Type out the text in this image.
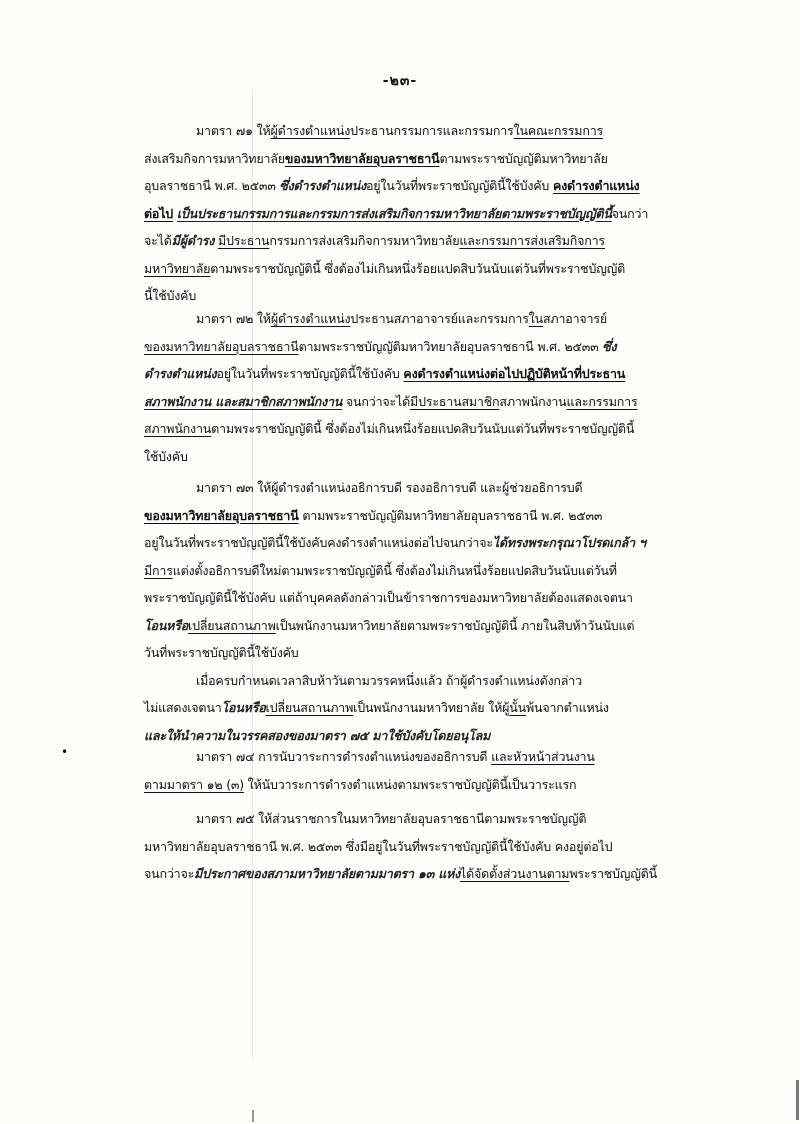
-๒๓-
มาตรา ๗๑ ให้ผู้ดำรงตำแหน่งประธานกรรมการและกรรมการในคณะกรรมการ
ส่งเสริมกิจการมหาวิทยาลัยของมหาวิทยาลัยอุบลราชธานีตามพระราชบัญญัติมหาวิทยาลัย
อุบลราชธานี พ.ศ. ๒๕๓๓ ซึ่งดำรงตำแหน่งอยู่ในวันที่พระราชบัญญัตินี้ใช้บังคับ คงดำรงตำแหน่ง
ต่อไป เป็นประธานกรรมการและกรรมการส่งเสริมกิจการมหาวิทยาลัยตามพระราชบัญญัตินี้จนกว่า
จะได้มีผู้ดำรง มีประธานกรรมการส่งเสริมกิจการมหาวิทยาลัยและกรรมการส่งเสริมกิจการ
มหาวิทยาลัยตามพระราชบัญญัตินี้ ซึ่งต้องไม่เกินหนึ่งร้อยแปดสิบวันนับแต่วันที่พระราชบัญญัติ
นี้ใช้บังคับ
มาตรา ๗๒ ให้ผู้ดำรงตำแหน่งประธานสภาอาจารย์และกรรมการในสภาอาจารย์
ของมหาวิทยาลัยอุบลราชธานีตามพระราชบัญญัติมหาวิทยาลัยอุบลราชธานี พ.ศ. ๒๕๓๓ ซึ่ง
ดำรงตำแหน่งอยู่ในวันที่พระราชบัญญัตินี้ใช้บังคับ คงดำรงตำแหน่งต่อไปปฏิบัติหน้าที่ประธาน
สภาพนักงาน และสมาชิกสภาพนักงาน จนกว่าจะได้มีประธานสมาชิกสภาพนักงานและกรรมการ
สภาพนักงานตามพระราชบัญญัตินี้ ซึ่งต้องไม่เกินหนึ่งร้อยแปดสิบวันนับแต่วันที่พระราชบัญญัตินี้
ใช้บังคับ
มาตรา ๗๓ ให้ผู้ดำรงตำแหน่งอธิการบดี รองอธิการบดี และผู้ช่วยอธิการบดี
ของมหาวิทยาลัยอุบลราชธานี ตามพระราชบัญญัติมหาวิทยาลัยอุบลราชธานี พ.ศ. ๒๕๓๓
อยู่ในวันที่พระราชบัญญัตินี้ใช้บังคับคงดำรงตำแหน่งต่อไปจนกว่าจะได้ทรงพระกรุณาโปรดเกล้า ฯ
มีการแต่งตั้งอธิการบดีใหม่ตามพระราชบัญญัตินี้ ซึ่งต้องไม่เกินหนึ่งร้อยแปดสิบวันนับแต่วันที่
พระราชบัญญัตินี้ใช้บังคับ แต่ถ้าบุคคลดังกล่าวเป็นข้าราชการของมหาวิทยาลัยต้องแสดงเจตนา
โอนหรือเปลี่ยนสถานภาพเป็นพนักงานมหาวิทยาลัยตามพระราชบัญญัตินี้ ภายในสิบห้าวันนับแต่
วันที่พระราชบัญญัตินี้ใช้บังคับ
เมื่อครบกำหนดเวลาสิบห้าวันตามวรรคหนึ่งแล้ว ถ้าผู้ดำรงตำแหน่งดังกล่าว
ไม่แสดงเจตนาโอนหรือเปลี่ยนสถานภาพเป็นพนักงานมหาวิทยาลัย ให้ผู้นั้นพ้นจากตำแหน่ง
และให้นำความในวรรคสองของมาตรา ๗๕ มาใช้บังคับโดยอนุโลม
มาตรา ๗๔ การนับวาระการดำรงตำแหน่งของอธิการบดี และหัวหน้าส่วนงาน
ตามมาตรา ๑๒ (๓) ให้นับวาระการดำรงตำแหน่งตามพระราชบัญญัตินี้เป็นวาระแรก
มาตรา ๗๕ ให้ส่วนราชการในมหาวิทยาลัยอุบลราชธานีตามพระราชบัญญัติ
มหาวิทยาลัยอุบลราชธานี พ.ศ. ๒๕๓๓ ซึ่งมีอยู่ในวันที่พระราชบัญญัตินี้ใช้บังคับ คงอยู่ต่อไป
จนกว่าจะมีประกาศของสภามหาวิทยาลัยตามมาตรา ๑๓ แห่งได้จัดตั้งส่วนงานตามพระราชบัญญัตินี้
•
